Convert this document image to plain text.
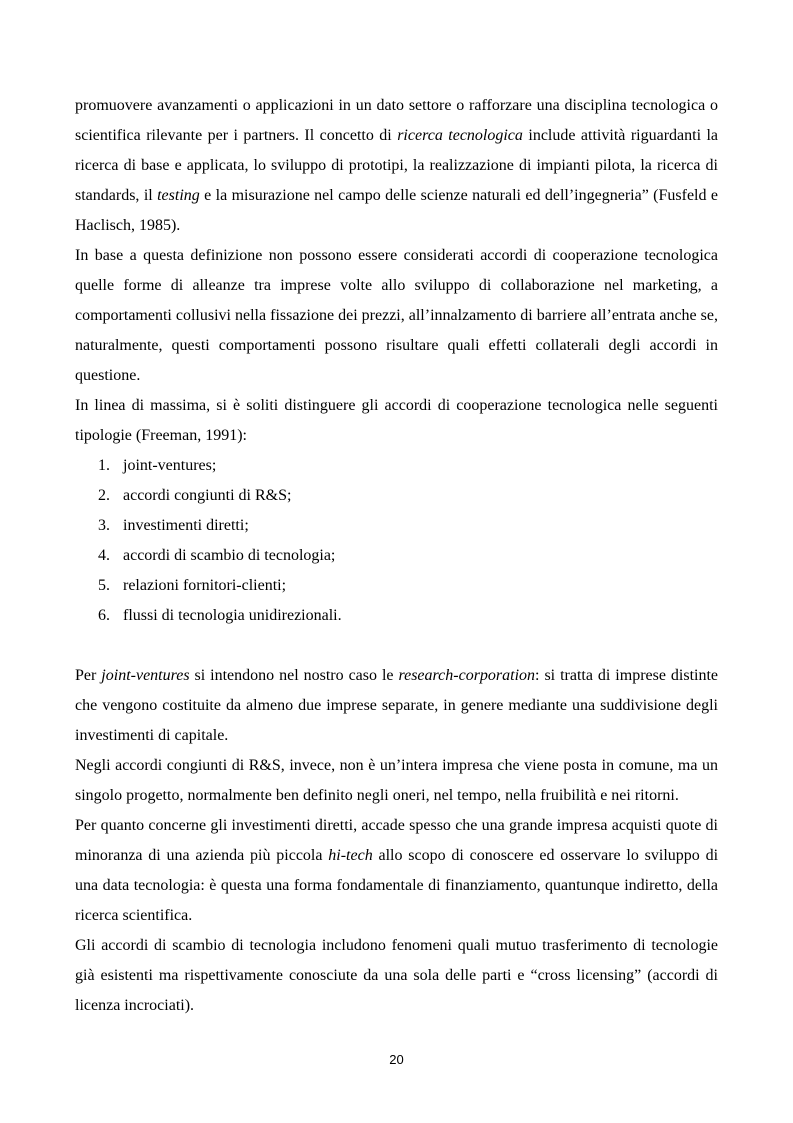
promuovere avanzamenti o applicazioni in un dato settore o rafforzare una disciplina tecnologica o scientifica rilevante per i partners. Il concetto di ricerca tecnologica include attività riguardanti la ricerca di base e applicata, lo sviluppo di prototipi, la realizzazione di impianti pilota, la ricerca di standards, il testing e la misurazione nel campo delle scienze naturali ed dell’ingegneria” (Fusfeld e Haclisch, 1985).

In base a questa definizione non possono essere considerati accordi di cooperazione tecnologica quelle forme di alleanze tra imprese volte allo sviluppo di collaborazione nel marketing, a comportamenti collusivi nella fissazione dei prezzi, all’innalzamento di barriere all’entrata anche se, naturalmente, questi comportamenti possono risultare quali effetti collaterali degli accordi in questione.

In linea di massima, si è soliti distinguere gli accordi di cooperazione tecnologica nelle seguenti tipologie (Freeman, 1991):

1. joint-ventures;
2. accordi congiunti di R&S;
3. investimenti diretti;
4. accordi di scambio di tecnologia;
5. relazioni fornitori-clienti;
6. flussi di tecnologia unidirezionali.

Per joint-ventures si intendono nel nostro caso le research-corporation: si tratta di imprese distinte che vengono costituite da almeno due imprese separate, in genere mediante una suddivisione degli investimenti di capitale.

Negli accordi congiunti di R&S, invece, non è un’intera impresa che viene posta in comune, ma un singolo progetto, normalmente ben definito negli oneri, nel tempo, nella fruibilità e nei ritorni.

Per quanto concerne gli investimenti diretti, accade spesso che una grande impresa acquisti quote di minoranza di una azienda più piccola hi-tech allo scopo di conoscere ed osservare lo sviluppo di una data tecnologia: è questa una forma fondamentale di finanziamento, quantunque indiretto, della ricerca scientifica.

Gli accordi di scambio di tecnologia includono fenomeni quali mutuo trasferimento di tecnologie già esistenti ma rispettivamente conosciute da una sola delle parti e “cross licensing” (accordi di licenza incrociati).

20
